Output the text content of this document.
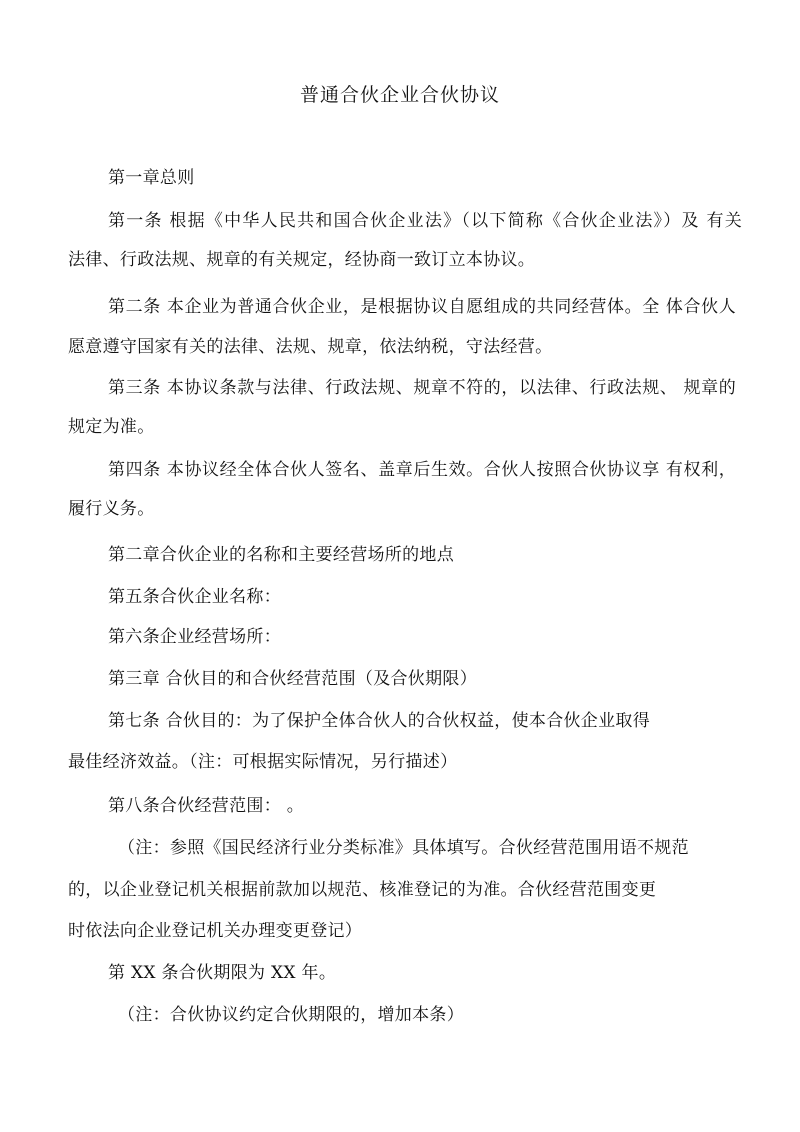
普通合伙企业合伙协议
第一章总则
第一条 根据《中华人民共和国合伙企业法》（以下简称《合伙企业法》）及 有关
法律、行政法规、规章的有关规定，经协商一致订立本协议。
第二条 本企业为普通合伙企业，是根据协议自愿组成的共同经营体。全 体合伙人
愿意遵守国家有关的法律、法规、规章，依法纳税，守法经营。
第三条 本协议条款与法律、行政法规、规章不符的，以法律、行政法规、 规章的
规定为准。
第四条 本协议经全体合伙人签名、盖章后生效。合伙人按照合伙协议享 有权利，
履行义务。
第二章合伙企业的名称和主要经营场所的地点
第五条合伙企业名称：
第六条企业经营场所：
第三章 合伙目的和合伙经营范围（及合伙期限）
第七条 合伙目的：为了保护全体合伙人的合伙权益，使本合伙企业取得
最佳经济效益。（注：可根据实际情况，另行描述）
第八条合伙经营范围： 。
（注：参照《国民经济行业分类标准》具体填写。合伙经营范围用语不规范
的，以企业登记机关根据前款加以规范、核准登记的为准。合伙经营范围变更
时依法向企业登记机关办理变更登记）
第 XX 条合伙期限为 XX 年。
（注：合伙协议约定合伙期限的，增加本条）
